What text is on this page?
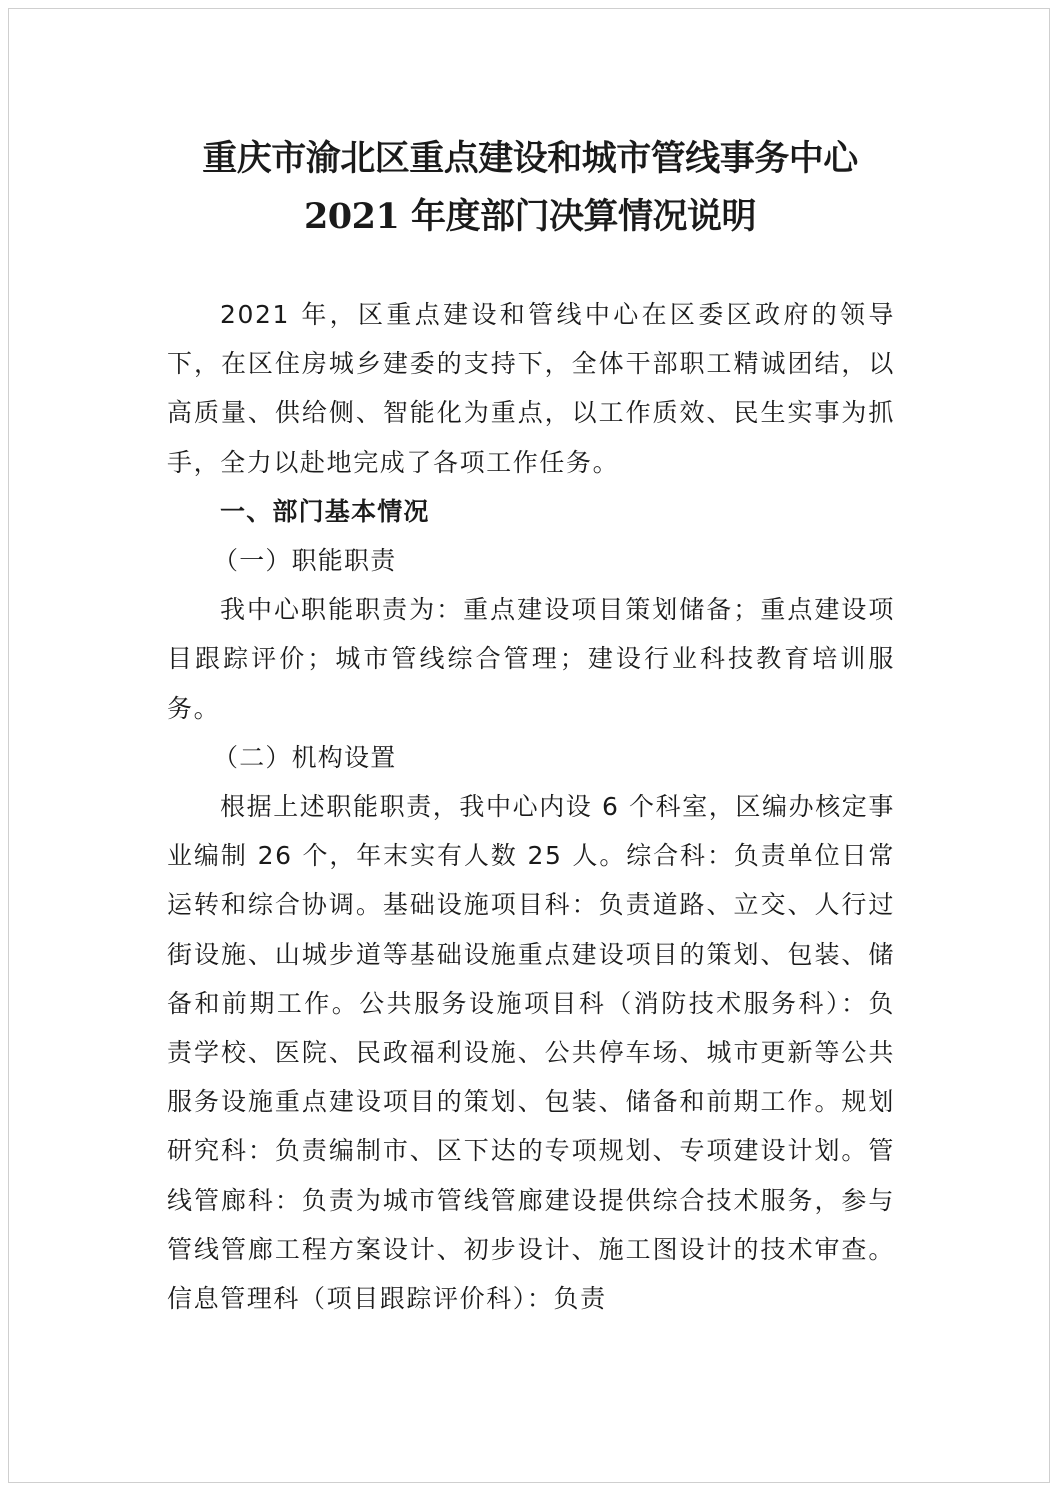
重庆市渝北区重点建设和城市管线事务中心
2021 年度部门决算情况说明

2021 年，区重点建设和管线中心在区委区政府的领导下，在区住房城乡建委的支持下，全体干部职工精诚团结，以高质量、供给侧、智能化为重点，以工作质效、民生实事为抓手，全力以赴地完成了各项工作任务。

一、部门基本情况

（一）职能职责

我中心职能职责为：重点建设项目策划储备；重点建设项目跟踪评价；城市管线综合管理；建设行业科技教育培训服务。

（二）机构设置

根据上述职能职责，我中心内设 6 个科室，区编办核定事业编制 26 个，年末实有人数 25 人。综合科：负责单位日常运转和综合协调。基础设施项目科：负责道路、立交、人行过街设施、山城步道等基础设施重点建设项目的策划、包装、储备和前期工作。公共服务设施项目科（消防技术服务科）：负责学校、医院、民政福利设施、公共停车场、城市更新等公共服务设施重点建设项目的策划、包装、储备和前期工作。规划研究科：负责编制市、区下达的专项规划、专项建设计划。管线管廊科：负责为城市管线管廊建设提供综合技术服务，参与管线管廊工程方案设计、初步设计、施工图设计的技术审查。信息管理科（项目跟踪评价科）：负责
